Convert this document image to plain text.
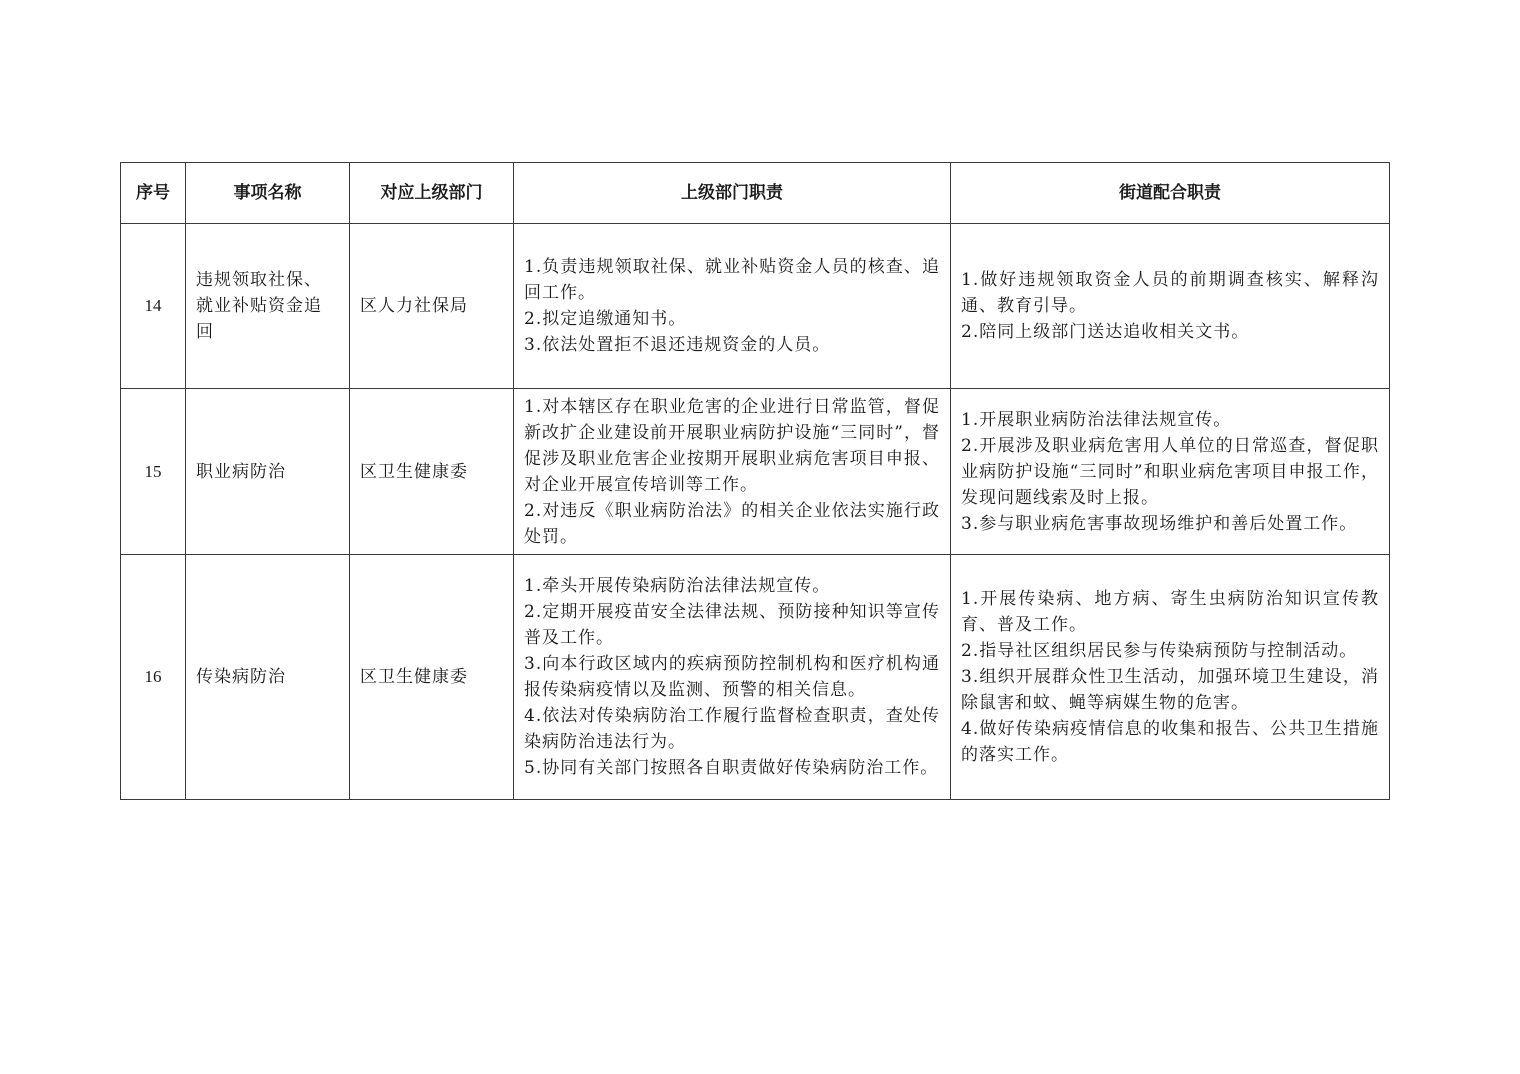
序号	事项名称	对应上级部门	上级部门职责	街道配合职责
14	违规领取社保、就业补贴资金追回	区人力社保局	1.负责违规领取社保、就业补贴资金人员的核查、追回工作。
2.拟定追缴通知书。
3.依法处置拒不退还违规资金的人员。	1.做好违规领取资金人员的前期调查核实、解释沟通、教育引导。
2.陪同上级部门送达追收相关文书。

15	职业病防治	区卫生健康委	1.对本辖区存在职业危害的企业进行日常监管，督促新改扩企业建设前开展职业病防护设施“三同时”，督促涉及职业危害企业按期开展职业病危害项目申报、对企业开展宣传培训等工作。
2.对违反《职业病防治法》的相关企业依法实施行政处罚。	1.开展职业病防治法律法规宣传。
2.开展涉及职业病危害用人单位的日常巡查，督促职业病防护设施“三同时”和职业病危害项目申报工作，发现问题线索及时上报。
3.参与职业病危害事故现场维护和善后处置工作。

16	传染病防治	区卫生健康委	1.牵头开展传染病防治法律法规宣传。
2.定期开展疫苗安全法律法规、预防接种知识等宣传普及工作。
3.向本行政区域内的疾病预防控制机构和医疗机构通报传染病疫情以及监测、预警的相关信息。
4.依法对传染病防治工作履行监督检查职责，查处传染病防治违法行为。
5.协同有关部门按照各自职责做好传染病防治工作。	1.开展传染病、地方病、寄生虫病防治知识宣传教育、普及工作。
2.指导社区组织居民参与传染病预防与控制活动。
3.组织开展群众性卫生活动，加强环境卫生建设，消除鼠害和蚊、蝇等病媒生物的危害。
4.做好传染病疫情信息的收集和报告、公共卫生措施的落实工作。
